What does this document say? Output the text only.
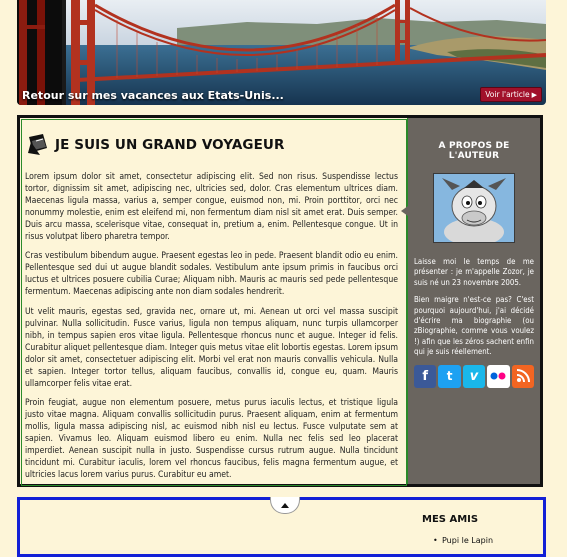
Retour sur mes vacances aux Etats-Unis...	Voir l'article ▶
JE SUIS UN GRAND VOYAGEUR

Lorem ipsum dolor sit amet, consectetur adipiscing elit. Sed non risus. Suspendisse lectus tortor, dignissim sit amet, adipiscing nec, ultricies sed, dolor. Cras elementum ultrices diam. Maecenas ligula massa, varius a, semper congue, euismod non, mi. Proin porttitor, orci nec nonummy molestie, enim est eleifend mi, non fermentum diam nisl sit amet erat. Duis semper. Duis arcu massa, scelerisque vitae, consequat in, pretium a, enim. Pellentesque congue. Ut in risus volutpat libero pharetra tempor.

Cras vestibulum bibendum augue. Praesent egestas leo in pede. Praesent blandit odio eu enim. Pellentesque sed dui ut augue blandit sodales. Vestibulum ante ipsum primis in faucibus orci luctus et ultrices posuere cubilia Curae; Aliquam nibh. Mauris ac mauris sed pede pellentesque fermentum. Maecenas adipiscing ante non diam sodales hendrerit.

Ut velit mauris, egestas sed, gravida nec, ornare ut, mi. Aenean ut orci vel massa suscipit pulvinar. Nulla sollicitudin. Fusce varius, ligula non tempus aliquam, nunc turpis ullamcorper nibh, in tempus sapien eros vitae ligula. Pellentesque rhoncus nunc et augue. Integer id felis. Curabitur aliquet pellentesque diam. Integer quis metus vitae elit lobortis egestas. Lorem ipsum dolor sit amet, consectetuer adipiscing elit. Morbi vel erat non mauris convallis vehicula. Nulla et sapien. Integer tortor tellus, aliquam faucibus, convallis id, congue eu, quam. Mauris ullamcorper felis vitae erat.

Proin feugiat, augue non elementum posuere, metus purus iaculis lectus, et tristique ligula justo vitae magna. Aliquam convallis sollicitudin purus. Praesent aliquam, enim at fermentum mollis, ligula massa adipiscing nisl, ac euismod nibh nisl eu lectus. Fusce vulputate sem at sapien. Vivamus leo. Aliquam euismod libero eu enim. Nulla nec felis sed leo placerat imperdiet. Aenean suscipit nulla in justo. Suspendisse cursus rutrum augue. Nulla tincidunt tincidunt mi. Curabitur iaculis, lorem vel rhoncus faucibus, felis magna fermentum augue, et ultricies lacus lorem varius purus. Curabitur eu amet.

A PROPOS DE L'AUTEUR

Laisse moi le temps de me présenter : je m'appelle Zozor, je suis né un 23 novembre 2005.

Bien maigre n'est-ce pas? C'est pourquoi aujourd'hui, j'ai décidé d'écrire ma biographie (ou zBiographie, comme vous voulez !) afin que les zéros sachent enfin qui je suis réellement.

f	t	v
MES AMIS
• Pupi le Lapin
